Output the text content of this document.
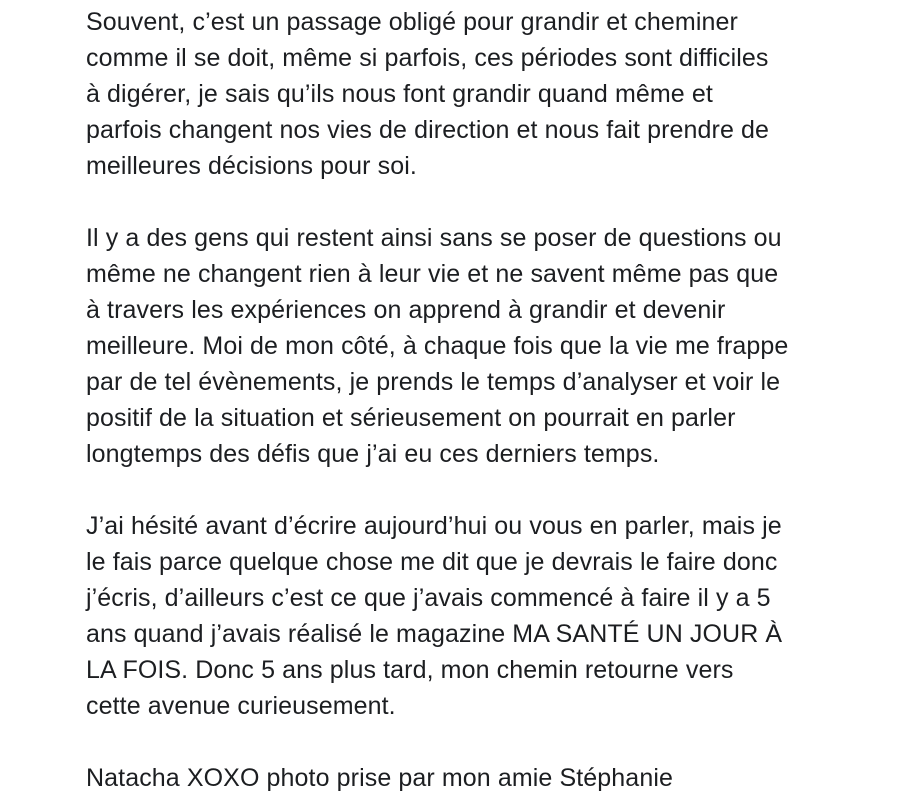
Souvent, c’est un passage obligé pour grandir et cheminer
comme il se doit, même si parfois, ces périodes sont difficiles
à digérer, je sais qu’ils nous font grandir quand même et
parfois changent nos vies de direction et nous fait prendre de
meilleures décisions pour soi.
Il y a des gens qui restent ainsi sans se poser de questions ou
même ne changent rien à leur vie et ne savent même pas que
à travers les expériences on apprend à grandir et devenir
meilleure. Moi de mon côté, à chaque fois que la vie me frappe
par de tel évènements, je prends le temps d’analyser et voir le
positif de la situation et sérieusement on pourrait en parler
longtemps des défis que j’ai eu ces derniers temps.
J’ai hésité avant d’écrire aujourd’hui ou vous en parler, mais je
le fais parce quelque chose me dit que je devrais le faire donc
j’écris, d’ailleurs c’est ce que j’avais commencé à faire il y a 5
ans quand j’avais réalisé le magazine MA SANTÉ UN JOUR À
LA FOIS. Donc 5 ans plus tard, mon chemin retourne vers
cette avenue curieusement.
Natacha XOXO photo prise par mon amie Stéphanie
